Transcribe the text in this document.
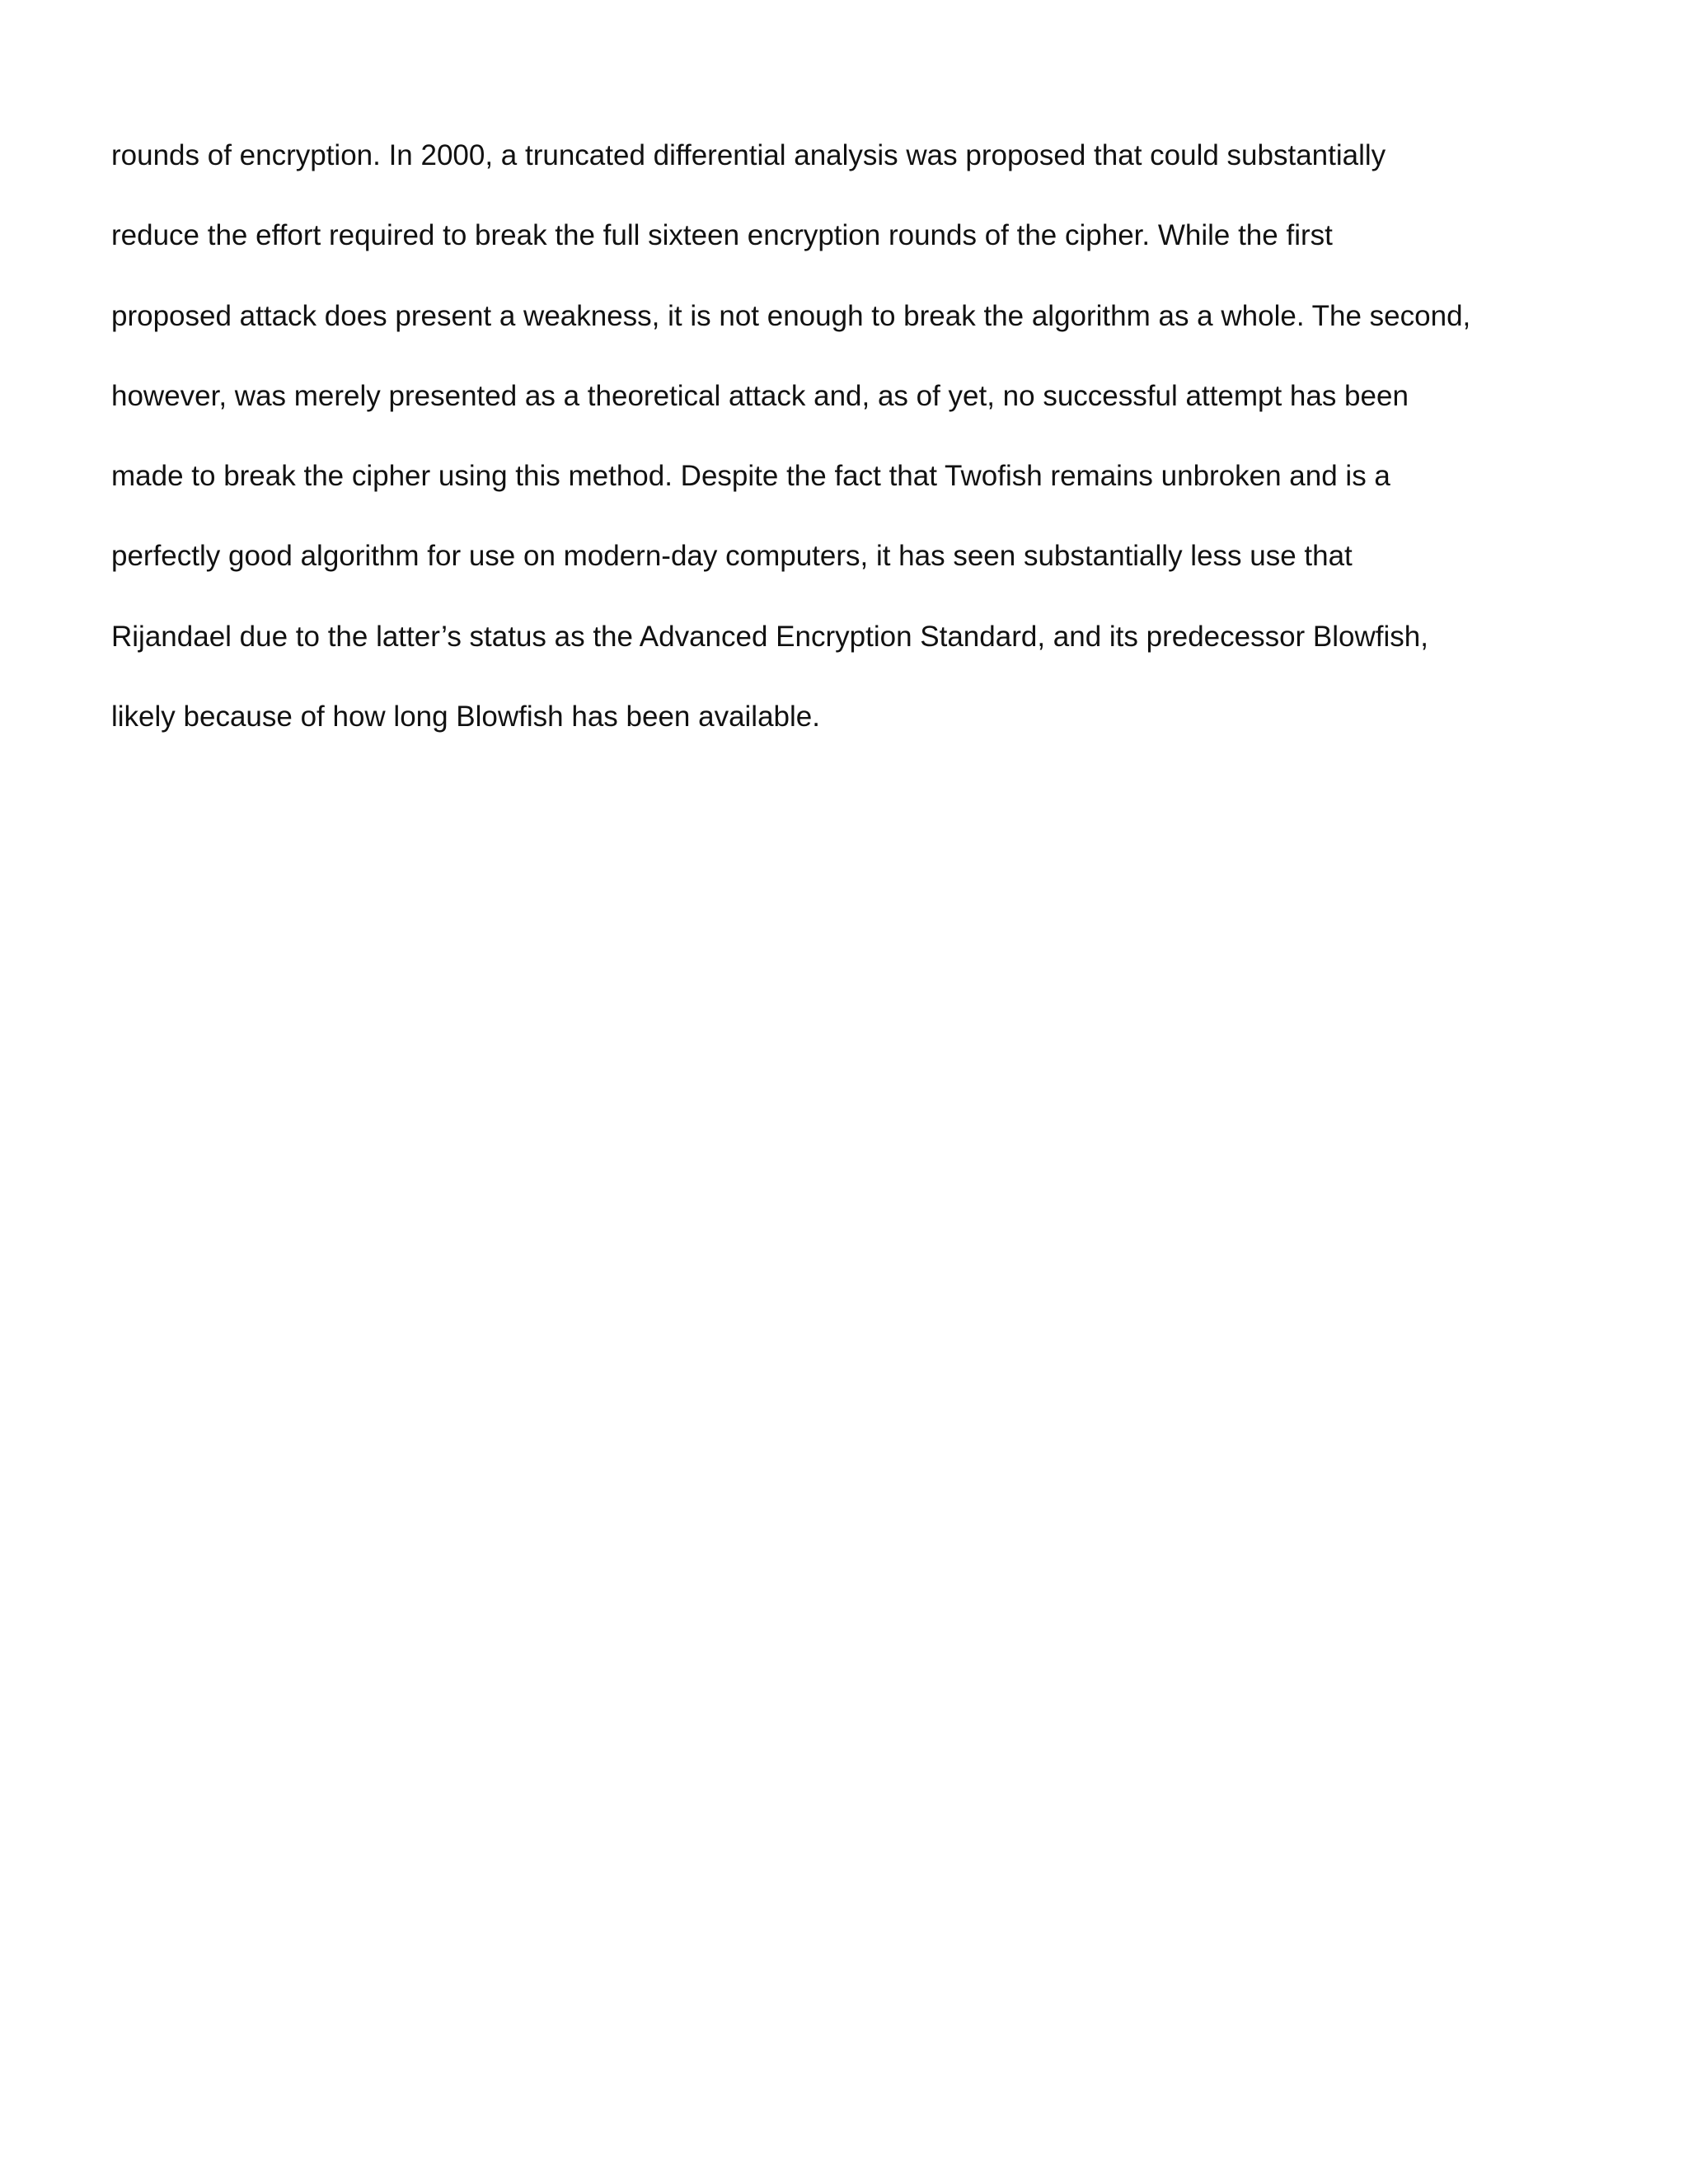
rounds of encryption. In 2000, a truncated differential analysis was proposed that could substantially
reduce the effort required to break the full sixteen encryption rounds of the cipher. While the first
proposed attack does present a weakness, it is not enough to break the algorithm as a whole. The second,
however, was merely presented as a theoretical attack and, as of yet, no successful attempt has been
made to break the cipher using this method. Despite the fact that Twofish remains unbroken and is a
perfectly good algorithm for use on modern-day computers, it has seen substantially less use that
Rijandael due to the latter’s status as the Advanced Encryption Standard, and its predecessor Blowfish,
likely because of how long Blowfish has been available.
